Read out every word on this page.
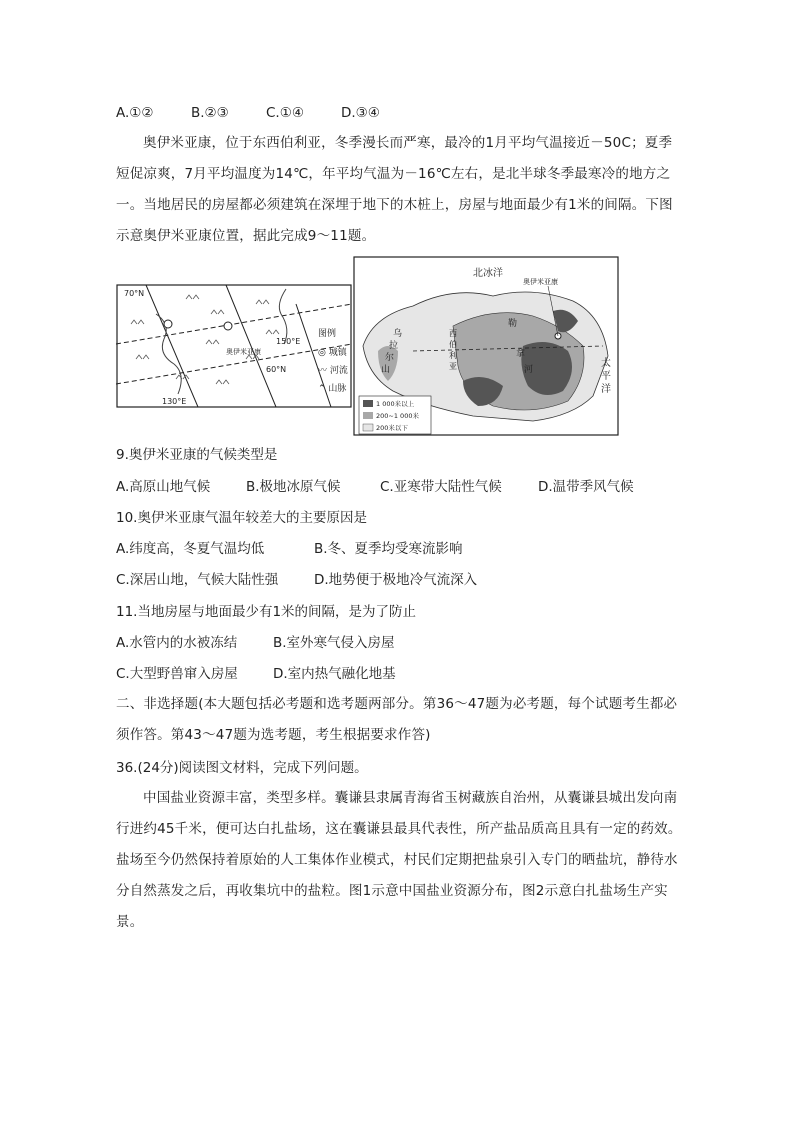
A.①②	B.②③	C.①④	D.③④
奥伊米亚康，位于东西伯利亚，冬季漫长而严寒，最冷的1月平均气温接近－50C；夏季短促凉爽，7月平均温度为14℃，年平均气温为－16℃左右，是北半球冬季最寒冷的地方之一。当地居民的房屋都必须建筑在深埋于地下的木桩上，房屋与地面最少有1米的间隔。下图示意奥伊米亚康位置，据此完成9～11题。
奥伊米亚康
70°N
60°N
150°E
130°E
图例
◎ 城镇
〰 河流
⌃ 山脉
北冰洋
奥伊米亚康
乌
拉
尔
山
西
伯
利
亚
勒
拿
河
太
平
洋
1 000米以上
200~1 000米
200米以下
9.奥伊米亚康的气候类型是
A.高原山地气候	B.极地冰原气候	C.亚寒带大陆性气候	D.温带季风气候
10.奥伊米亚康气温年较差大的主要原因是
A.纬度高，冬夏气温均低	B.冬、夏季均受寒流影响
C.深居山地，气候大陆性强	D.地势便于极地冷气流深入
11.当地房屋与地面最少有1米的间隔，是为了防止
A.水管内的水被冻结	B.室外寒气侵入房屋
C.大型野兽窜入房屋	D.室内热气融化地基
二、非选择题(本大题包括必考题和选考题两部分。第36～47题为必考题，每个试题考生都必须作答。第43～47题为选考题，考生根据要求作答)
36.(24分)阅读图文材料，完成下列问题。
中国盐业资源丰富，类型多样。囊谦县隶属青海省玉树藏族自治州，从囊谦县城出发向南行进约45千米，便可达白扎盐场，这在囊谦县最具代表性，所产盐品质高且具有一定的药效。盐场至今仍然保持着原始的人工集体作业模式，村民们定期把盐泉引入专门的晒盐坑，静待水分自然蒸发之后，再收集坑中的盐粒。图1示意中国盐业资源分布，图2示意白扎盐场生产实景。
